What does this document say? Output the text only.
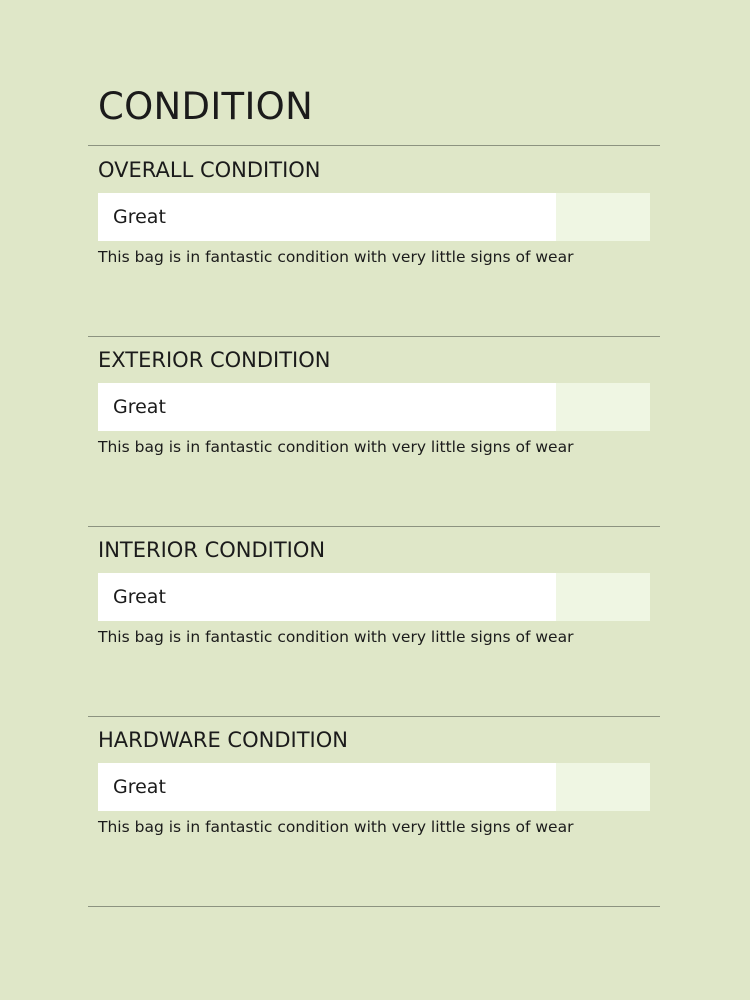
CONDITION
OVERALL CONDITION
Great

This bag is in fantastic condition with very little signs of wear

EXTERIOR CONDITION
Great

This bag is in fantastic condition with very little signs of wear

INTERIOR CONDITION
Great

This bag is in fantastic condition with very little signs of wear

HARDWARE CONDITION
Great

This bag is in fantastic condition with very little signs of wear
